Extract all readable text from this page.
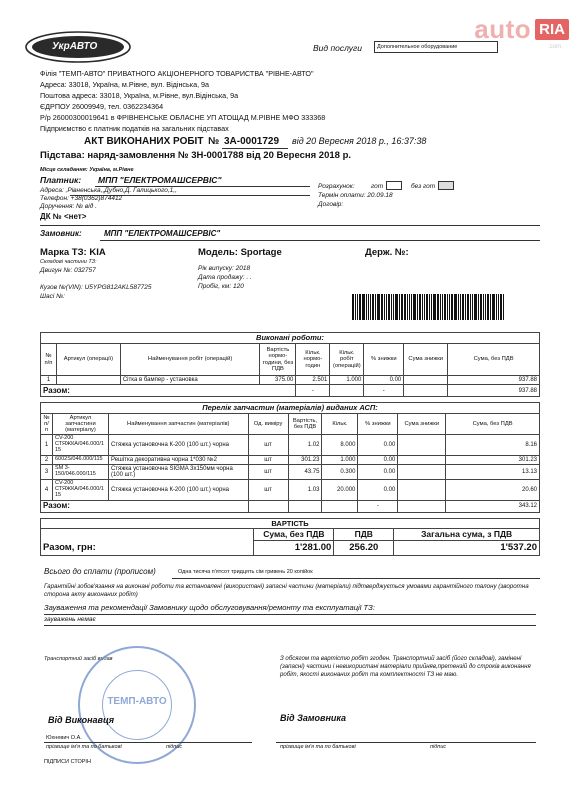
auto RIA
.com
УкрАВТО	Вид послуги	Дополнительное оборудование
Філія "ТЕМП-АВТО" ПРИВАТНОГО АКЦІОНЕРНОГО ТОВАРИСТВА "РІВНЕ-АВТО"
Адреса: 33018, Україна, м.Рівне, вул. Відінська, 9а
Поштова адреса: 33018, Україна, м.Рівне, вул.Відінська, 9а
ЄДРПОУ 26009949, тел. 0362234364
Р/р 26000300019641 в ФРІВНЕНСЬКЕ ОБЛАСНЕ УП АТОЩАД М.РІВНЕ МФО 333368
Підприємство є платник податків на загальних підставах
АКТ ВИКОНАНИХ РОБІТ № 3А-0001729 від 20 Вересня 2018 р., 16:37:38
Підстава: наряд-замовлення № 3Н-0001788 від 20 Вересня 2018 р.
Місце складання: Україна, м.Рівне
Платник: МПП "ЕЛЕКТРОМАШСЕРВІС"
Адреса: ,Рівненська,,Дубно,Д. Галицького,1,,
Телефон: +38(0362)874412
Доручення: № від .
ДК № <нет>
Розрахунок:	гот	без гот
Термін оплати: 20.09.18
Договір:
Замовник:	МПП "ЕЛЕКТРОМАШСЕРВІС"
Марка ТЗ: KIA	Модель: Sportage	Держ. №:
Складові частини ТЗ:
Двигун №: 032757
Кузов №(VIN): U5YPG812AKL587725
Шасі №:
Рік випуску: 2018
Дата продажу: . .
Пробіг, км: 120
Виконані роботи:
№ п/п	Артикул (операції)	Найменування робіт (операцій)	Вартість нормо-години, без ПДВ	Кільк. нормо-годин	Кільк. робіт (операцій)	% знижки	Сума знижки	Сума, без ПДВ
1		Сітка в бампер - установка	375.00	2.501	1.000	0.00		937.88
Разом:				-		-		937.88
Перелік запчастин (матеріалів) виданих АСП:
№ п/п	Артикул запчастини (матеріалу)	Найменування запчастин (матеріалів)	Од. виміру	Вартість, без ПДВ	Кільк.	% знижки	Сума знижки	Сума, без ПДВ
1	CV-200 СТЯЖКА/046.000/1 15	Стяжка установочна К-200 (100 шт.) чорна	шт	1.02	8.000	0.00		8.16
2	6002S/046.000/115	Решітка декоративна чорна 1*030 №2	шт	301.23	1.000	0.00		301.23
3	SM 3-150/046.000/115	Стяжка установочна SIGMA 3x150мм чорна (100 шт.)	шт	43.75	0.300	0.00		13.13
4	CV-200 СТЯЖКА/046.000/1 15	Стяжка установочна К-200 (100 шт.) чорна	шт	1.03	20.000	0.00		20.60
Разом:						-		343.12
ВАРТІСТЬ
	Сума, без ПДВ	ПДВ	Загальна сума, з ПДВ
Разом, грн:	1'281.00	256.20	1'537.20
Всього до сплати (прописом)	Одна тисяча п'ятсот тридцять сім гривень 20 копійок
Гарантійні зобов'язання на виконані роботи та встановлені (використані) запасні частини (матеріали) підтверджується умовами гарантійного талону (зворотна сторона акту виконаних робіт)
Зауваження та рекомендації Замовнику щодо обслуговування/ремонту та експлуатації ТЗ:
зауважень немає
Транспортний засіб видав
ТЕМП-АВТО
Від Виконавця
Юхневич О.А.
прізвище ім'я та по батькові	підпис
ПІДПИСИ СТОРІН
З обсягом та вартістю робіт згоден. Транспортний засіб (його складові), замінені (запасні) частини і невикористані матеріали прийняв,претензій до строків виконання робіт, якості виконаних робіт та комплектності ТЗ не маю.
Від Замовника
прізвище ім'я та по батькові	підпис
